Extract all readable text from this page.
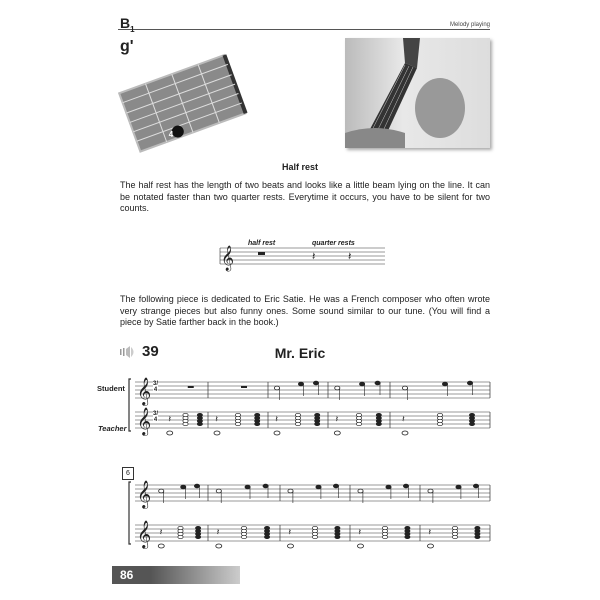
$B_1$	Melody playing
g'
4
Half rest
The half rest has the length of two beats and looks like a little beam lying on the line. It can be notated faster than two quarter rests. Everytime it occurs, you have to be silent for two counts.
𝄞	𝄽	𝄽
half rest	quarter rests
The following piece is dedicated to Eric Satie. He was a French composer who often wrote very strange pieces but also funny ones. Some sound similar to our tune. (You will find a piece by Satie farther back in the book.)
39	Mr. Eric
Student
Teacher
𝄞
𝄞 𝄽	𝄽	𝄽	𝄽	𝄽
𝄞
𝄞 𝄽	𝄽	𝄽	𝄽	𝄽
3/4
3/4
6
86
